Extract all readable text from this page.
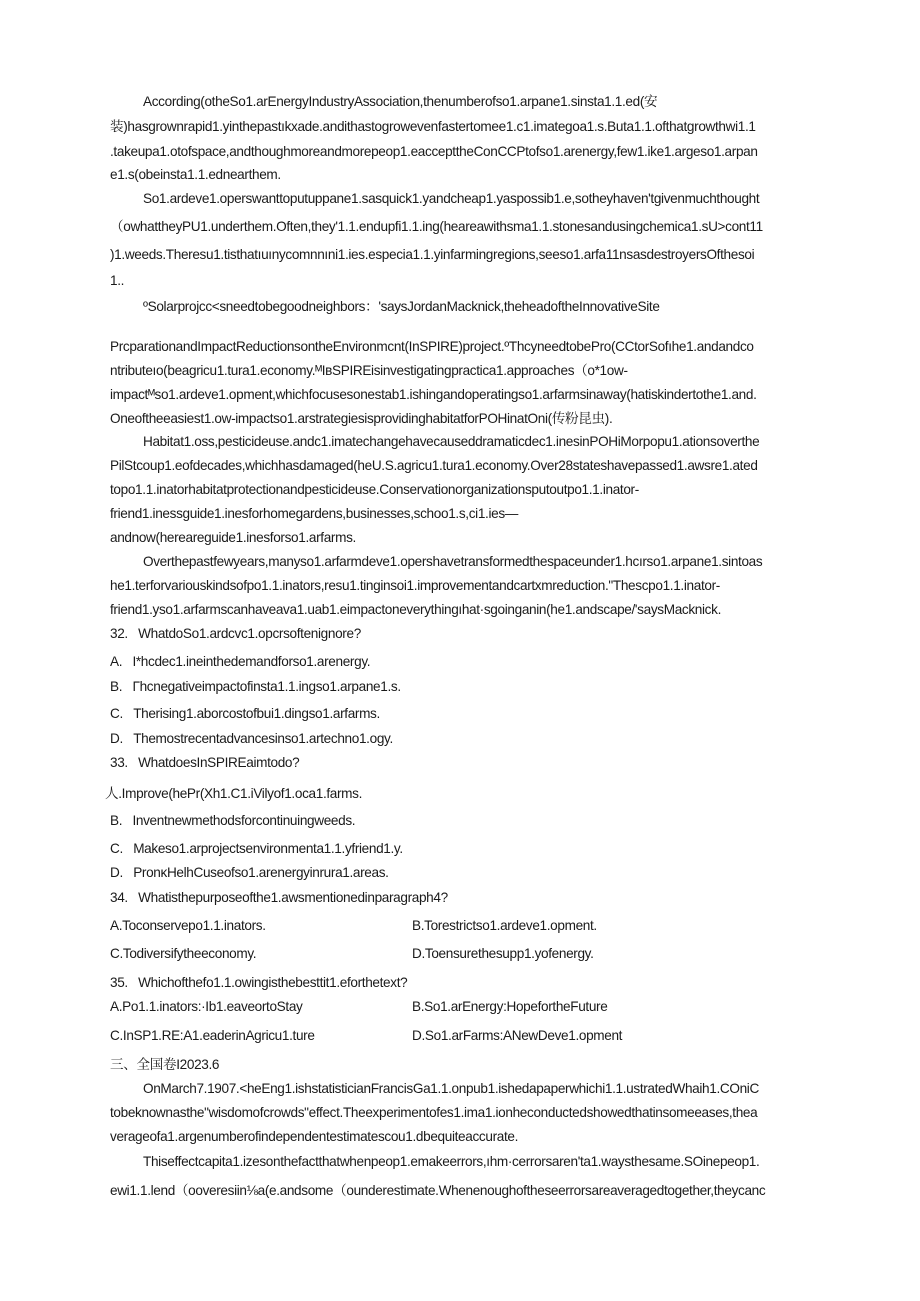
According(otheSo1.arEnergyIndustryAssociation,thenumberofso1.arpane1.sinsta1.1.ed(安
装)hasgrownrapid1.yinthepastıkxade.andithastogrowevenfastertomee1.c1.imategoa1.s.Buta1.1.ofthatgrowthwi1.1
.takeupa1.otofspace,andthoughmoreandmorepeop1.eaccepttheConCCPtofso1.arenergy,few1.ike1.argeso1.arpan
e1.s(obeinsta1.1.ednearthem.
So1.ardeve1.operswanttoputuppane1.sasquick1.yandcheap1.yaspossib1.e,sotheyhaven'tgivenmuchthought
（owhattheyPU1.underthem.Often,they'1.1.endupfi1.1.ing(heareawithsma1.1.stonesandusingchemica1.sU>cont11
)1.weeds.Theresu1.tisthatıuınycomnnıni1.ies.especia1.1.yinfarmingregions,seeso1.arfa11nsasdestroyersOfthesoi
1..
ºSolarprojcc<sneedtobegoodneighbors：'saysJordanMacknick,theheadoftheInnovativeSite
PrcparationandImpactReductionsontheEnvironmcnt(InSPIRE)project.ºThcyneedtobePro(CCtorSofıhe1.andandco
ntributeıo(beagricu1.tura1.economy.ᴹIʙSPIREisinvestigatingpractica1.approaches（o*1ow-
impactᴹso1.ardeve1.opment,whichfocusesonestab1.ishingandoperatingso1.arfarmsinaway(hatiskindertothe1.and.
Oneoftheeasiest1.ow-impactso1.arstrategiesisprovidinghabitatforPOHinatOni(传粉昆虫).
Habitat1.oss,pesticideuse.andc1.imatechangehavecauseddramaticdec1.inesinPOHiMorpopu1.ationsoverthe
PilStcoup1.eofdecades,whichhasdamaged(heU.S.agricu1.tura1.economy.Over28stateshavepassed1.awsre1.ated
topo1.1.inatorhabitatprotectionandpesticideuse.Conservationorganizationsputoutpo1.1.inator-
friend1.inessguide1.inesforhomegardens,businesses,schoo1.s,ci1.ies—
andnow(hereareguide1.inesforso1.arfarms.
Overthepastfewyears,manyso1.arfarmdeve1.opershavetransformedthespaceunder1.hcırso1.arpane1.sintoas
he1.terforvariouskindsofpo1.1.inators,resu1.tinginsoi1.improvementandcartxmreduction."Thescpo1.1.inator-
friend1.yso1.arfarmscanhaveava1.uab1.eimpactoneverythingıhat·sgoinganin(he1.andscape/'saysMacknick.
32. WhatdoSo1.ardcvc1.opcrsoftenignore?
A. I*hcdec1.ineinthedemandforso1.arenergy.
B. Γhcnegativeimpactofinsta1.1.ingso1.arpane1.s.
C. Therising1.aborcostofbui1.dingso1.arfarms.
D. Themostrecentadvancesinso1.artechno1.ogy.
33. WhatdoesInSPIREaimtodo?
人.Improve(hePr(Xh1.C1.iVilyof1.oca1.farms.
B. Inventnewmethodsforcontinuingweeds.
C. Makeso1.arprojectsenvironmenta1.1.yfriend1.y.
D. PronκHelhCuseofso1.arenergyinrura1.areas.
34. Whatisthepurposeofthe1.awsmentionedinparagraph4?
A.Toconservepo1.1.inators.	B.Torestrictso1.ardeve1.opment.
C.Todiversifytheeconomy.	D.Toensurethesupp1.yofenergy.
35. Whichofthefo1.1.owingisthebesttit1.eforthetext?
A.Po1.1.inators:·Ib1.eaveortoStay	B.So1.arEnergy:HopefortheFuture
C.InSP1.RE:A1.eaderinAgricu1.ture	D.So1.arFarms:ANewDeve1.opment
三、全国卷I2023.6
OnMarch7.1907.<heEng1.ishstatisticianFrancisGa1.1.onpub1.ishedapaperwhichi1.1.ustratedWhaih1.COniC
tobeknownasthe"wisdomofcrowds"effect.Theexperimentofes1.ima1.ionheconductedshowedthatinsomeeases,thea
verageofa1.argenumberofindependentestimatescou1.dbequiteaccurate.
Thiseffectcapita1.izesonthefactthatwhenpeop1.emakeerrors,ıhm·cerrorsaren'ta1.waysthesame.SOinepeop1.
ewi1.1.lend（ooveresiin⅛a(e.andsome（ounderestimate.Whenenoughoftheseerrorsareaveragedtogether,theycanc
